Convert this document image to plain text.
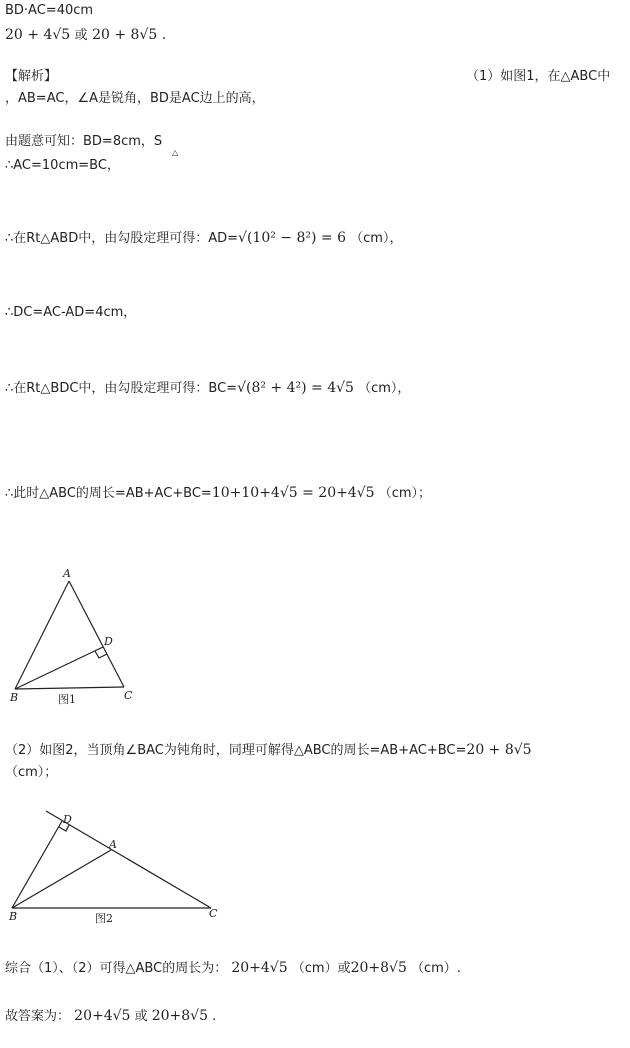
BD·AC=40cm
20 + 4√5 或 20 + 8√5 .
【解析】	（1）如图1，在△ABC中
，AB=AC，∠A是锐角，BD是AC边上的高，
由题意可知：BD=8cm，S
△
∴AC=10cm=BC，
∴在Rt△ABD中，由勾股定理可得：AD=√(10² − 8²) = 6 （cm），
∴DC=AC-AD=4cm，
∴在Rt△BDC中，由勾股定理可得：BC=√(8² + 4²) = 4√5 （cm），
∴此时△ABC的周长=AB+AC+BC=10+10+4√5 = 20+4√5 （cm）；
A
D
B	C
图1
（2）如图2，当顶角∠BAC为钝角时，同理可解得△ABC的周长=AB+AC+BC=20 + 8√5
（cm）；
D
A
B	C
图2
综合（1）、（2）可得△ABC的周长为： 20+4√5 （cm）或20+8√5 （cm）.
故答案为： 20+4√5 或 20+8√5 .
